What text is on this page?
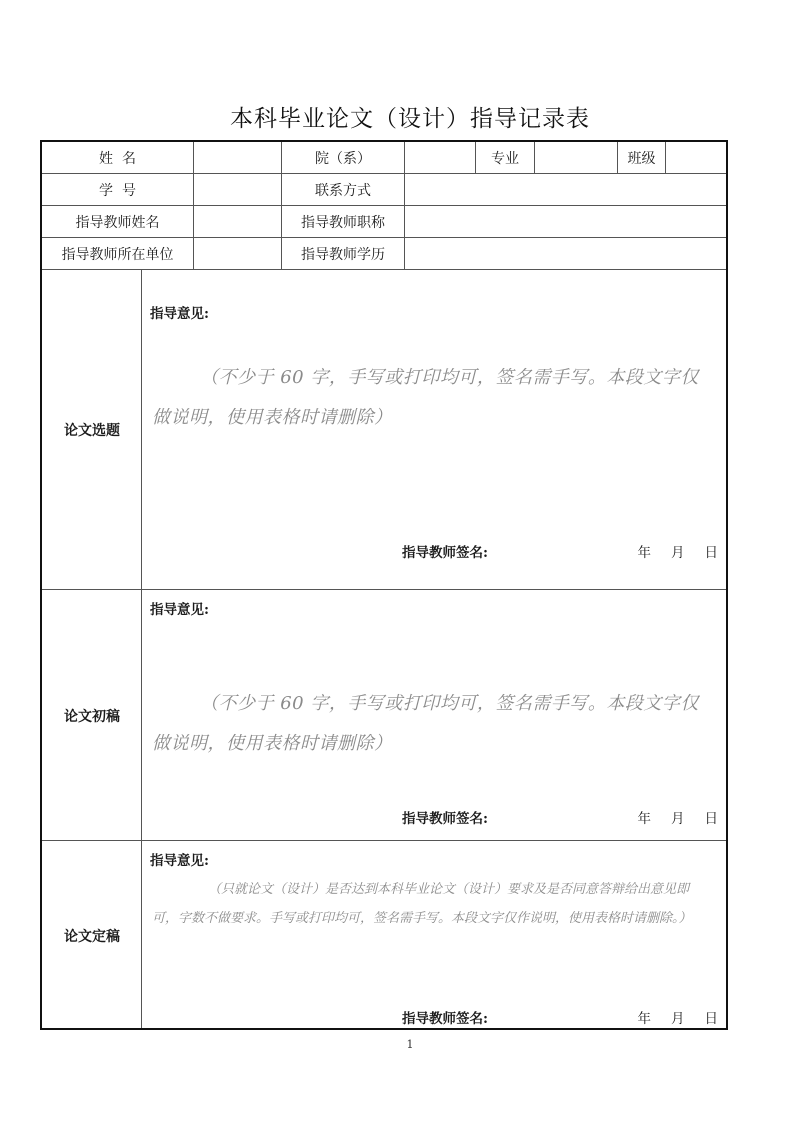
本科毕业论文（设计）指导记录表
姓  名	院（系）	专业	班级
学  号	联系方式
指导教师姓名	指导教师职称
指导教师所在单位	指导教师学历
论文选题
指导意见:
（不少于 60 字，手写或打印均可，签名需手写。本段文字仅做说明，使用表格时请删除）
指导教师签名:	年 月 日
论文初稿
指导意见:
（不少于 60 字，手写或打印均可，签名需手写。本段文字仅做说明，使用表格时请删除）
指导教师签名:	年 月 日
论文定稿
指导意见:
（只就论文（设计）是否达到本科毕业论文（设计）要求及是否同意答辩给出意见即可，字数不做要求。手写或打印均可，签名需手写。本段文字仅作说明，使用表格时请删除。）
指导教师签名:	年 月 日
1
